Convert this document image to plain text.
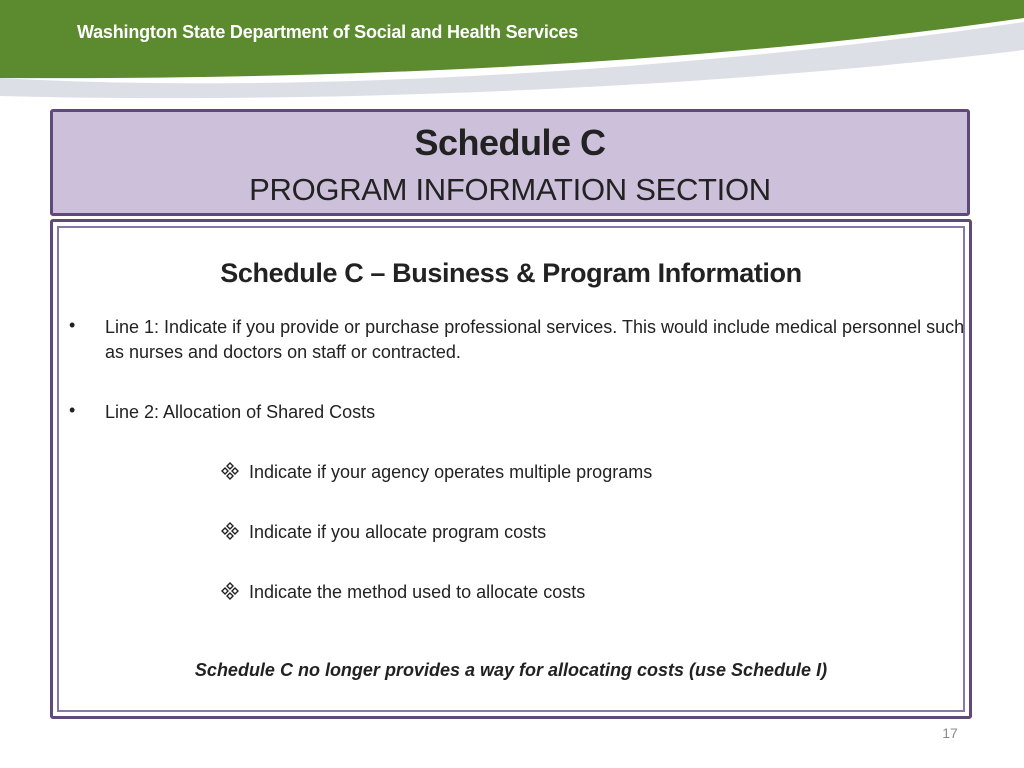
Washington State Department of Social and Health Services
Schedule C
PROGRAM INFORMATION SECTION
Schedule C – Business & Program Information
•	Line 1: Indicate if you provide or purchase professional services. This would include medical personnel such as nurses and doctors on staff or contracted.
•	Line 2: Allocation of Shared Costs
Indicate if your agency operates multiple programs
Indicate if you allocate program costs
Indicate the method used to allocate costs
Schedule C no longer provides a way for allocating costs (use Schedule I)
17
